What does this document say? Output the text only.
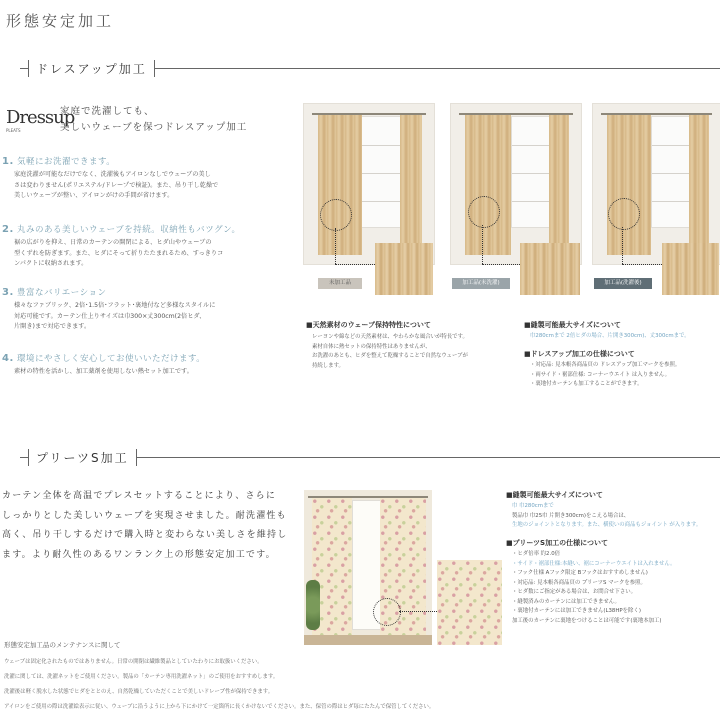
形態安定加工
ドレスアップ加工
Dressup
PLEATS
家庭で洗濯しても、
美しいウェーブを保つドレスアップ加工
1. 気軽にお洗濯できます。
家庭洗濯が可能なだけでなく、洗濯後もアイロンなしでウェーブの美し
さは変わりません(ポリエステル/ドレープで検証)。また、吊り干し乾燥で
美しいウェーブが整い、アイロンがけの手間が省けます。
2. 丸みのある美しいウェーブを持続。収納性もバツグン。
裾の広がりを抑え、日常のカーテンの開閉による、ヒダ山やウェーブの
型くずれを防ぎます。また、ヒダにそって折りたたまれるため、すっきりコ
ンパクトに収納されます。
3. 豊富なバリエーション
様々なファブリック、2倍･1.5倍･フラット･裏地付など多様なスタイルに
対応可能です。カーテン仕上りサイズは巾300×丈300cm(2倍ヒダ、
片開き)まで対応できます。
4. 環境にやさしく安心してお使いいただけます。
素材の特性を活かし、加工薬剤を使用しない熱セット加工です。
未加工品	加工品(未洗濯)	加工品(洗濯後)
■天然素材のウェーブ保持特性について
レーヨンや綿などの天然素材は、やわらかな風合いが特長です。
素材自体に熱セットの保持特性はありませんが、
お洗濯のあとも、ヒダを整えて乾燥することで自然なウェーブが
持続します。
■縫製可能最大サイズについて
巾280cmまで 2倍ヒダの場合、片開き300cm)、丈300cmまで。
■ドレスアップ加工の仕様について
・対応品: 見本帳各商品頁の ドレスアップ加工マークを参照。
・両サイド・裾部仕様: コーナーウエイト は入りません。
・裏地付カーテンも加工することができます。
プリーツS加工
カーテン全体を高温でプレスセットすることにより、さらに
しっかりとした美しいウェーブを実現させました。耐洗濯性も
高く、吊り干しするだけで購入時と変わらない美しさを維持し
ます。より耐久性のあるワンランク上の形態安定加工です。
■縫製可能最大サイズについて
巾 巾280cmまで
製品巾 巾25巾 片開き300cm)をこえる場合は、
生地のジョイントとなります。また、横使いの商品もジョイント が入ります。
■プリーツS加工の仕様について
・ヒダ倍率 約2.0倍
・サイド・裾部仕様:本縫い、裾にコーナーウエイトは入れません。
・フック仕様 Aフック限定 Bフックはおすすめしません)
・対応品: 見本帳各商品頁の プリーツS マークを参照。
・ヒダ数にご指定がある場合は、お問合せ下さい。
・縫製済みのカーテンには加工できません。
・裏地付カーテンには加工できません(L38HPを除く)
加工後のカーテンに裏地をつけることは可能です(裏地本加工)
形態安定加工品のメンテナンスに関して
ウェーブは固定化されたものではありません。日常の開閉は繊維製品としていたわりにお取扱いください。
洗濯に関しては、洗濯ネットをご使用ください。製品の「カーテン専用洗濯ネット」のご使用をおすすめします。
洗濯後は軽く脱水した状態でヒダをととのえ、自然乾燥していただくことで美しいドレープ性が保持できます。
アイロンをご使用の際は洗濯絵表示に従い、ウェーブに沿うように上から下にかけて一定箇所に長くかけないでください。また、保管の際はヒダ毎にたたんで保管してください。
